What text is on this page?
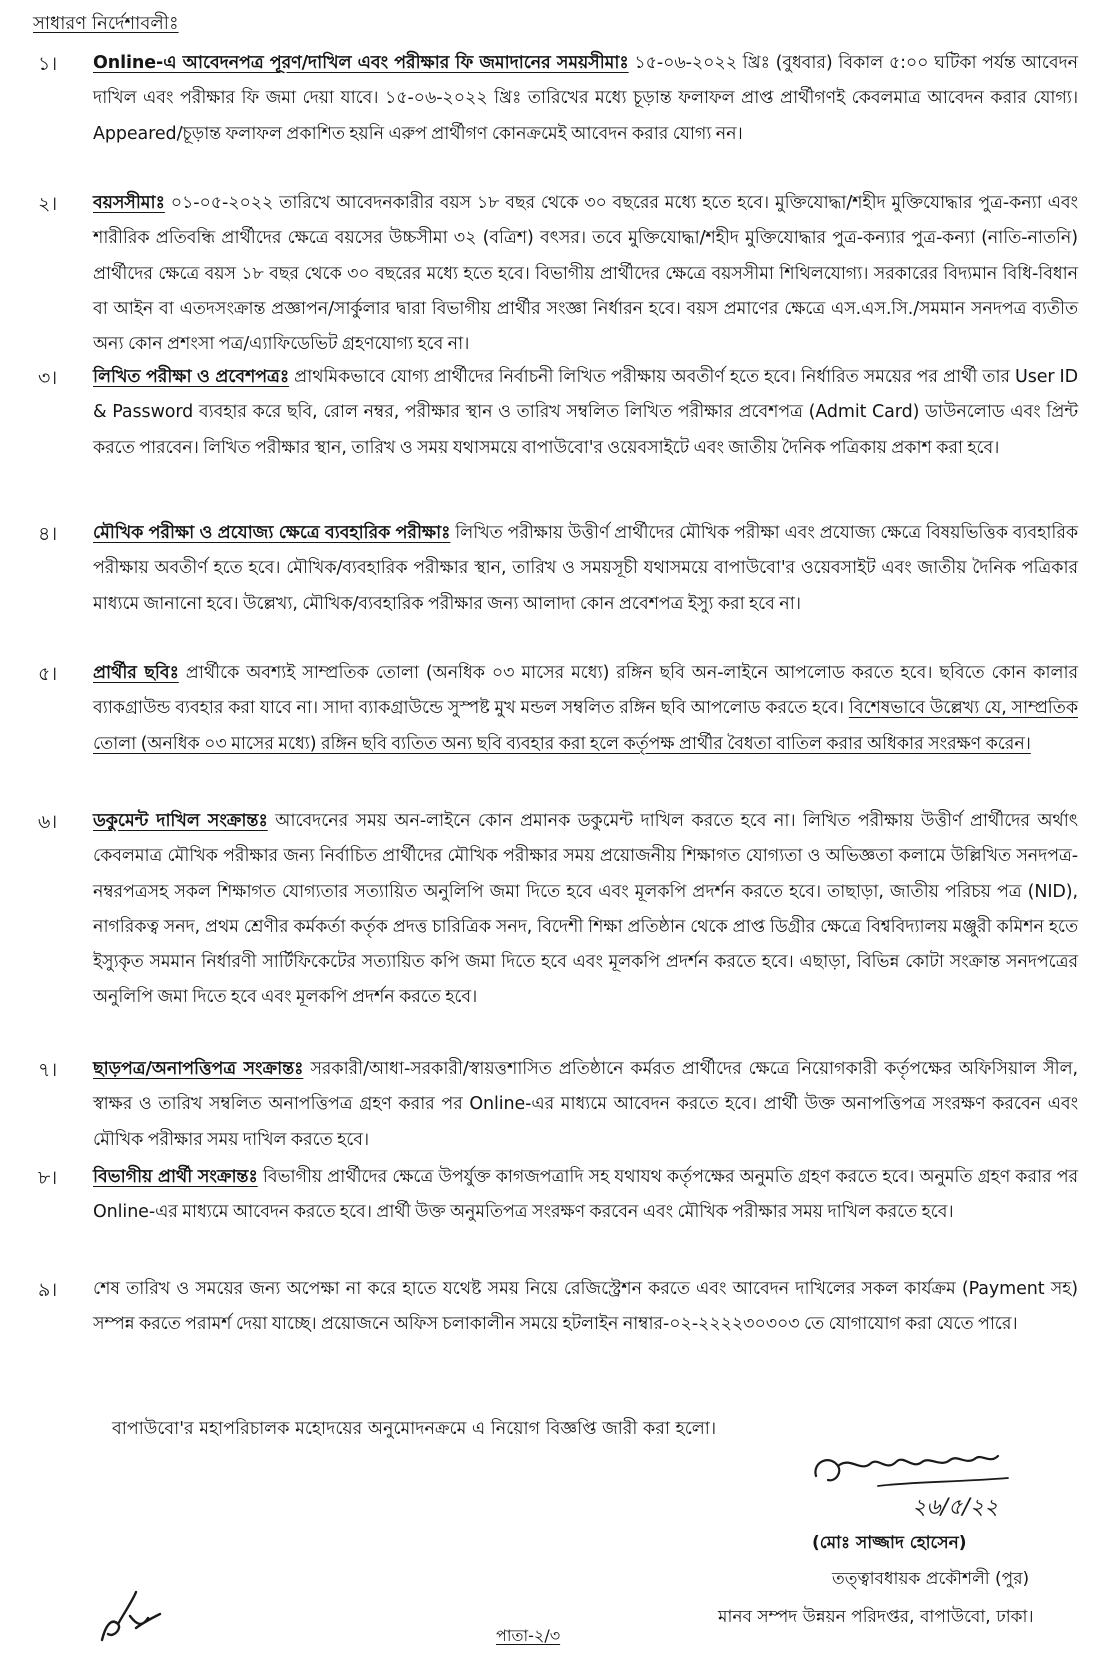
সাধারণ নির্দেশাবলীঃ
১।	Online-এ আবেদনপত্র পূরণ/দাখিল এবং পরীক্ষার ফি জমাদানের সময়সীমাঃ ১৫-০৬-২০২২ খ্রিঃ (বুধবার) বিকাল ৫:০০ ঘটিকা পর্যন্ত আবেদন দাখিল এবং পরীক্ষার ফি জমা দেয়া যাবে। ১৫-০৬-২০২২ খ্রিঃ তারিখের মধ্যে চূড়ান্ত ফলাফল প্রাপ্ত প্রার্থীগণই কেবলমাত্র আবেদন করার যোগ্য। Appeared/চূড়ান্ত ফলাফল প্রকাশিত হয়নি এরুপ প্রার্থীগণ কোনক্রমেই আবেদন করার যোগ্য নন।
২।	বয়সসীমাঃ ০১-০৫-২০২২ তারিখে আবেদনকারীর বয়স ১৮ বছর থেকে ৩০ বছরের মধ্যে হতে হবে। মুক্তিযোদ্ধা/শহীদ মুক্তিযোদ্ধার পুত্র-কন্যা এবং শারীরিক প্রতিবন্ধি প্রার্থীদের ক্ষেত্রে বয়সের উচ্চসীমা ৩২ (বত্রিশ) বৎসর। তবে মুক্তিযোদ্ধা/শহীদ মুক্তিযোদ্ধার পুত্র-কন্যার পুত্র-কন্যা (নাতি-নাতনি) প্রার্থীদের ক্ষেত্রে বয়স ১৮ বছর থেকে ৩০ বছরের মধ্যে হতে হবে। বিভাগীয় প্রার্থীদের ক্ষেত্রে বয়সসীমা শিথিলযোগ্য। সরকারের বিদ্যমান বিধি-বিধান বা আইন বা এতদসংক্রান্ত প্রজ্ঞাপন/সার্কুলার দ্বারা বিভাগীয় প্রার্থীর সংজ্ঞা নির্ধারন হবে। বয়স প্রমাণের ক্ষেত্রে এস.এস.সি./সমমান সনদপত্র ব্যতীত অন্য কোন প্রশংসা পত্র/এ্যাফিডেভিট গ্রহণযোগ্য হবে না।
৩।	লিখিত পরীক্ষা ও প্রবেশপত্রঃ প্রাথমিকভাবে যোগ্য প্রার্থীদের নির্বাচনী লিখিত পরীক্ষায় অবতীর্ণ হতে হবে। নির্ধারিত সময়ের পর প্রার্থী তার User ID & Password ব্যবহার করে ছবি, রোল নম্বর, পরীক্ষার স্থান ও তারিখ সম্বলিত লিখিত পরীক্ষার প্রবেশপত্র (Admit Card) ডাউনলোড এবং প্রিন্ট করতে পারবেন। লিখিত পরীক্ষার স্থান, তারিখ ও সময় যথাসময়ে বাপাউবো'র ওয়েবসাইটে এবং জাতীয় দৈনিক পত্রিকায় প্রকাশ করা হবে।
৪।	মৌখিক পরীক্ষা ও প্রযোজ্য ক্ষেত্রে ব্যবহারিক পরীক্ষাঃ লিখিত পরীক্ষায় উত্তীর্ণ প্রার্থীদের মৌখিক পরীক্ষা এবং প্রযোজ্য ক্ষেত্রে বিষয়ভিত্তিক ব্যবহারিক পরীক্ষায় অবতীর্ণ হতে হবে। মৌখিক/ব্যবহারিক পরীক্ষার স্থান, তারিখ ও সময়সূচী যথাসময়ে বাপাউবো'র ওয়েবসাইট এবং জাতীয় দৈনিক পত্রিকার মাধ্যমে জানানো হবে। উল্লেখ্য, মৌখিক/ব্যবহারিক পরীক্ষার জন্য আলাদা কোন প্রবেশপত্র ইস্যু করা হবে না।
৫।	প্রার্থীর ছবিঃ প্রার্থীকে অবশ্যই সাম্প্রতিক তোলা (অনধিক ০৩ মাসের মধ্যে) রঙ্গিন ছবি অন-লাইনে আপলোড করতে হবে। ছবিতে কোন কালার ব্যাকগ্রাউন্ড ব্যবহার করা যাবে না। সাদা ব্যাকগ্রাউন্ডে সুস্পষ্ট মুখ মন্ডল সম্বলিত রঙ্গিন ছবি আপলোড করতে হবে। বিশেষভাবে উল্লেখ্য যে, সাম্প্রতিক তোলা (অনধিক ০৩ মাসের মধ্যে) রঙ্গিন ছবি ব্যতিত অন্য ছবি ব্যবহার করা হলে কর্তৃপক্ষ প্রার্থীর বৈধতা বাতিল করার অধিকার সংরক্ষণ করেন।
৬।	ডকুমেন্ট দাখিল সংক্রান্তঃ আবেদনের সময় অন-লাইনে কোন প্রমানক ডকুমেন্ট দাখিল করতে হবে না। লিখিত পরীক্ষায় উত্তীর্ণ প্রার্থীদের অর্থাৎ কেবলমাত্র মৌখিক পরীক্ষার জন্য নির্বাচিত প্রার্থীদের মৌখিক পরীক্ষার সময় প্রয়োজনীয় শিক্ষাগত যোগ্যতা ও অভিজ্ঞতা কলামে উল্লিখিত সনদপত্র-নম্বরপত্রসহ সকল শিক্ষাগত যোগ্যতার সত্যায়িত অনুলিপি জমা দিতে হবে এবং মূলকপি প্রদর্শন করতে হবে। তাছাড়া, জাতীয় পরিচয় পত্র (NID), নাগরিকত্ব সনদ, প্রথম শ্রেণীর কর্মকর্তা কর্তৃক প্রদত্ত চারিত্রিক সনদ, বিদেশী শিক্ষা প্রতিষ্ঠান থেকে প্রাপ্ত ডিগ্রীর ক্ষেত্রে বিশ্ববিদ্যালয় মঞ্জুরী কমিশন হতে ইস্যুকৃত সমমান নির্ধারণী সার্টিফিকেটের সত্যায়িত কপি জমা দিতে হবে এবং মূলকপি প্রদর্শন করতে হবে। এছাড়া, বিভিন্ন কোটা সংক্রান্ত সনদপত্রের অনুলিপি জমা দিতে হবে এবং মূলকপি প্রদর্শন করতে হবে।
৭।	ছাড়পত্র/অনাপত্তিপত্র সংক্রান্তঃ সরকারী/আধা-সরকারী/স্বায়ত্তশাসিত প্রতিষ্ঠানে কর্মরত প্রার্থীদের ক্ষেত্রে নিয়োগকারী কর্তৃপক্ষের অফিসিয়াল সীল, স্বাক্ষর ও তারিখ সম্বলিত অনাপত্তিপত্র গ্রহণ করার পর Online-এর মাধ্যমে আবেদন করতে হবে। প্রার্থী উক্ত অনাপত্তিপত্র সংরক্ষণ করবেন এবং মৌখিক পরীক্ষার সময় দাখিল করতে হবে।
৮।	বিভাগীয় প্রার্থী সংক্রান্তঃ বিভাগীয় প্রার্থীদের ক্ষেত্রে উপর্যুক্ত কাগজপত্রাদি সহ যথাযথ কর্তৃপক্ষের অনুমতি গ্রহণ করতে হবে। অনুমতি গ্রহণ করার পর Online-এর মাধ্যমে আবেদন করতে হবে। প্রার্থী উক্ত অনুমতিপত্র সংরক্ষণ করবেন এবং মৌখিক পরীক্ষার সময় দাখিল করতে হবে।
৯।	শেষ তারিখ ও সময়ের জন্য অপেক্ষা না করে হাতে যথেষ্ট সময় নিয়ে রেজিস্ট্রেশন করতে এবং আবেদন দাখিলের সকল কার্যক্রম (Payment সহ) সম্পন্ন করতে পরামর্শ দেয়া যাচ্ছে। প্রয়োজনে অফিস চলাকালীন সময়ে হটলাইন নাম্বার-০২-২২২২৩০৩০৩ তে যোগাযোগ করা যেতে পারে।
বাপাউবো'র মহাপরিচালক মহোদয়ের অনুমোদনক্রমে এ নিয়োগ বিজ্ঞপ্তি জারী করা হলো।
২৬/৫/২২
(মোঃ সাজ্জাদ হোসেন)
তত্ত্বাবধায়ক প্রকৌশলী (পুর)
মানব সম্পদ উন্নয়ন পরিদপ্তর, বাপাউবো, ঢাকা।
পাতা-২/৩
